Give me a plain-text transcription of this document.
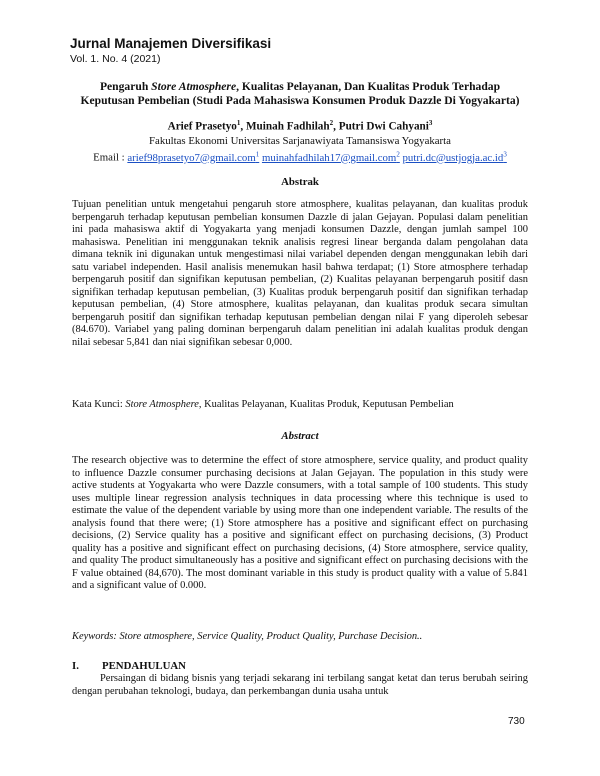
Jurnal Manajemen Diversifikasi
Vol. 1. No. 4 (2021)
Pengaruh Store Atmosphere, Kualitas Pelayanan, Dan Kualitas Produk Terhadap
Keputusan Pembelian (Studi Pada Mahasiswa Konsumen Produk Dazzle Di Yogyakarta)
Arief Prasetyo$^1$, Muinah Fadhilah$^2$, Putri Dwi Cahyani$^3$
Fakultas Ekonomi Universitas Sarjanawiyata Tamansiswa Yogyakarta
Email : arief98prasetyo7@gmail.com$^1$ muinahfadhilah17@gmail.com$^2$ $putri.dc@ustjogja.ac.id^3$
Abstrak

Tujuan penelitian untuk mengetahui pengaruh store atmosphere, kualitas pelayanan, dan kualitas produk berpengaruh terhadap keputusan pembelian konsumen Dazzle di jalan Gejayan. Populasi dalam penelitian ini pada mahasiswa aktif di Yogyakarta yang menjadi konsumen Dazzle, dengan jumlah sampel 100 mahasiswa. Penelitian ini menggunakan teknik analisis regresi linear berganda dalam pengolahan data dimana teknik ini digunakan untuk mengestimasi nilai variabel dependen dengan menggunakan lebih dari satu variabel independen. Hasil analisis menemukan hasil bahwa terdapat; (1) Store atmosphere terhadap berpengaruh positif dan signifikan keputusan pembelian, (2) Kualitas pelayanan berpengaruh positif dasn signifikan terhadap keputusan pembelian, (3) Kualitas produk berpengaruh positif dan signifikan terhadap keputusan pembelian, (4) Store atmosphere, kualitas pelayanan, dan kualitas produk secara simultan berpengaruh positif dan signifikan terhadap keputusan pembelian dengan nilai F yang diperoleh sebesar (84.670). Variabel yang paling dominan berpengaruh dalam penelitian ini adalah kualitas produk dengan nilai sebesar 5,841 dan niai signifikan sebesar 0,000.

Kata Kunci: Store Atmosphere, Kualitas Pelayanan, Kualitas Produk, Keputusan Pembelian
Abstract

The research objective was to determine the effect of store atmosphere, service quality, and product quality to influence Dazzle consumer purchasing decisions at Jalan Gejayan. The population in this study were active students at Yogyakarta who were Dazzle consumers, with a total sample of 100 students. This study uses multiple linear regression analysis techniques in data processing where this technique is used to estimate the value of the dependent variable by using more than one independent variable. The results of the analysis found that there were; (1) Store atmosphere has a positive and significant effect on purchasing decisions, (2) Service quality has a positive and significant effect on purchasing decisions, (3) Product quality has a positive and significant effect on purchasing decisions, (4) Store atmosphere, service quality, and quality The product simultaneously has a positive and significant effect on purchasing decisions with the F value obtained (84,670). The most dominant variable in this study is product quality with a value of 5.841 and a significant value of 0.000.

Keywords: Store atmosphere, Service Quality, Product Quality, Purchase Decision..
I. PENDAHULUAN

Persaingan di bidang bisnis yang terjadi sekarang ini terbilang sangat ketat dan terus berubah seiring dengan perubahan teknologi, budaya, dan perkembangan dunia usaha untuk

730
